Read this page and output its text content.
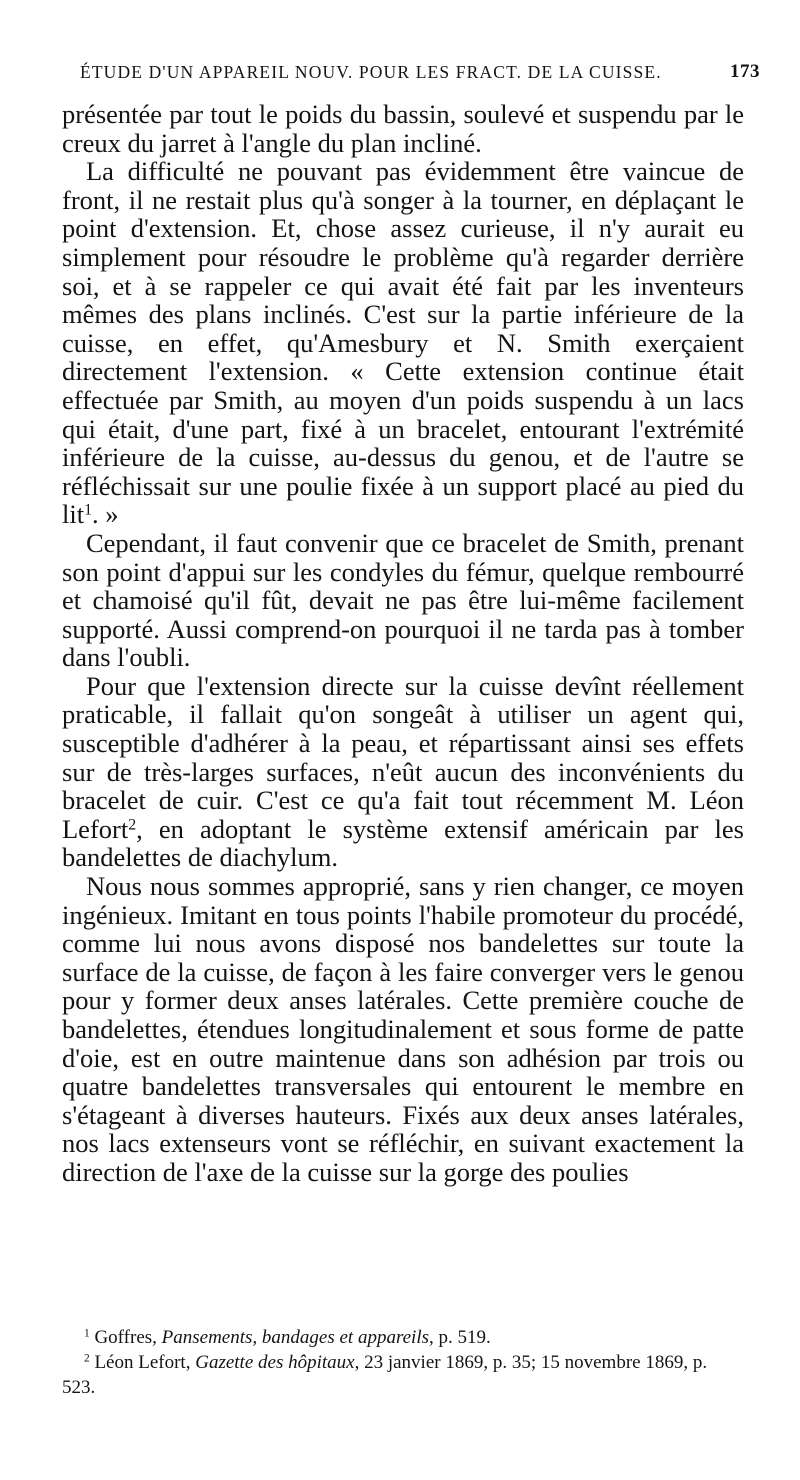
ÉTUDE D'UN APPAREIL NOUV. POUR LES FRACT. DE LA CUISSE.	173

présentée par tout le poids du bassin, soulevé et suspendu par le creux du jarret à l'angle du plan incliné.

La difficulté ne pouvant pas évidemment être vaincue de front, il ne restait plus qu'à songer à la tourner, en déplaçant le point d'extension. Et, chose assez curieuse, il n'y aurait eu simplement pour résoudre le problème qu'à regarder derrière soi, et à se rappeler ce qui avait été fait par les inventeurs mêmes des plans inclinés. C'est sur la partie inférieure de la cuisse, en effet, qu'Amesbury et N. Smith exerçaient directement l'extension. « Cette extension continue était effectuée par Smith, au moyen d'un poids suspendu à un lacs qui était, d'une part, fixé à un bracelet, entourant l'extrémité inférieure de la cuisse, au-dessus du genou, et de l'autre se réfléchissait sur une poulie fixée à un support placé au pied du lit$^1$. »

Cependant, il faut convenir que ce bracelet de Smith, prenant son point d'appui sur les condyles du fémur, quelque rembourré et chamoisé qu'il fût, devait ne pas être lui-même facilement supporté. Aussi comprend-on pourquoi il ne tarda pas à tomber dans l'oubli.

Pour que l'extension directe sur la cuisse devînt réellement praticable, il fallait qu'on songeât à utiliser un agent qui, susceptible d'adhérer à la peau, et répartissant ainsi ses effets sur de très-larges surfaces, n'eût aucun des inconvénients du bracelet de cuir. C'est ce qu'a fait tout récemment M. Léon Lefort$^2$, en adoptant le système extensif américain par les bandelettes de diachylum.

Nous nous sommes approprié, sans y rien changer, ce moyen ingénieux. Imitant en tous points l'habile promoteur du procédé, comme lui nous avons disposé nos bandelettes sur toute la surface de la cuisse, de façon à les faire converger vers le genou pour y former deux anses latérales. Cette première couche de bandelettes, étendues longitudinalement et sous forme de patte d'oie, est en outre maintenue dans son adhésion par trois ou quatre bandelettes transversales qui entourent le membre en s'étageant à diverses hauteurs. Fixés aux deux anses latérales, nos lacs extenseurs vont se réfléchir, en suivant exactement la direction de l'axe de la cuisse sur la gorge des poulies

$^1$ Goffres, Pansements, bandages et appareils, p. 519.

$^2$ Léon Lefort, Gazette des hôpitaux, 23 janvier 1869, p. 35; 15 novembre 1869, p. 523.
